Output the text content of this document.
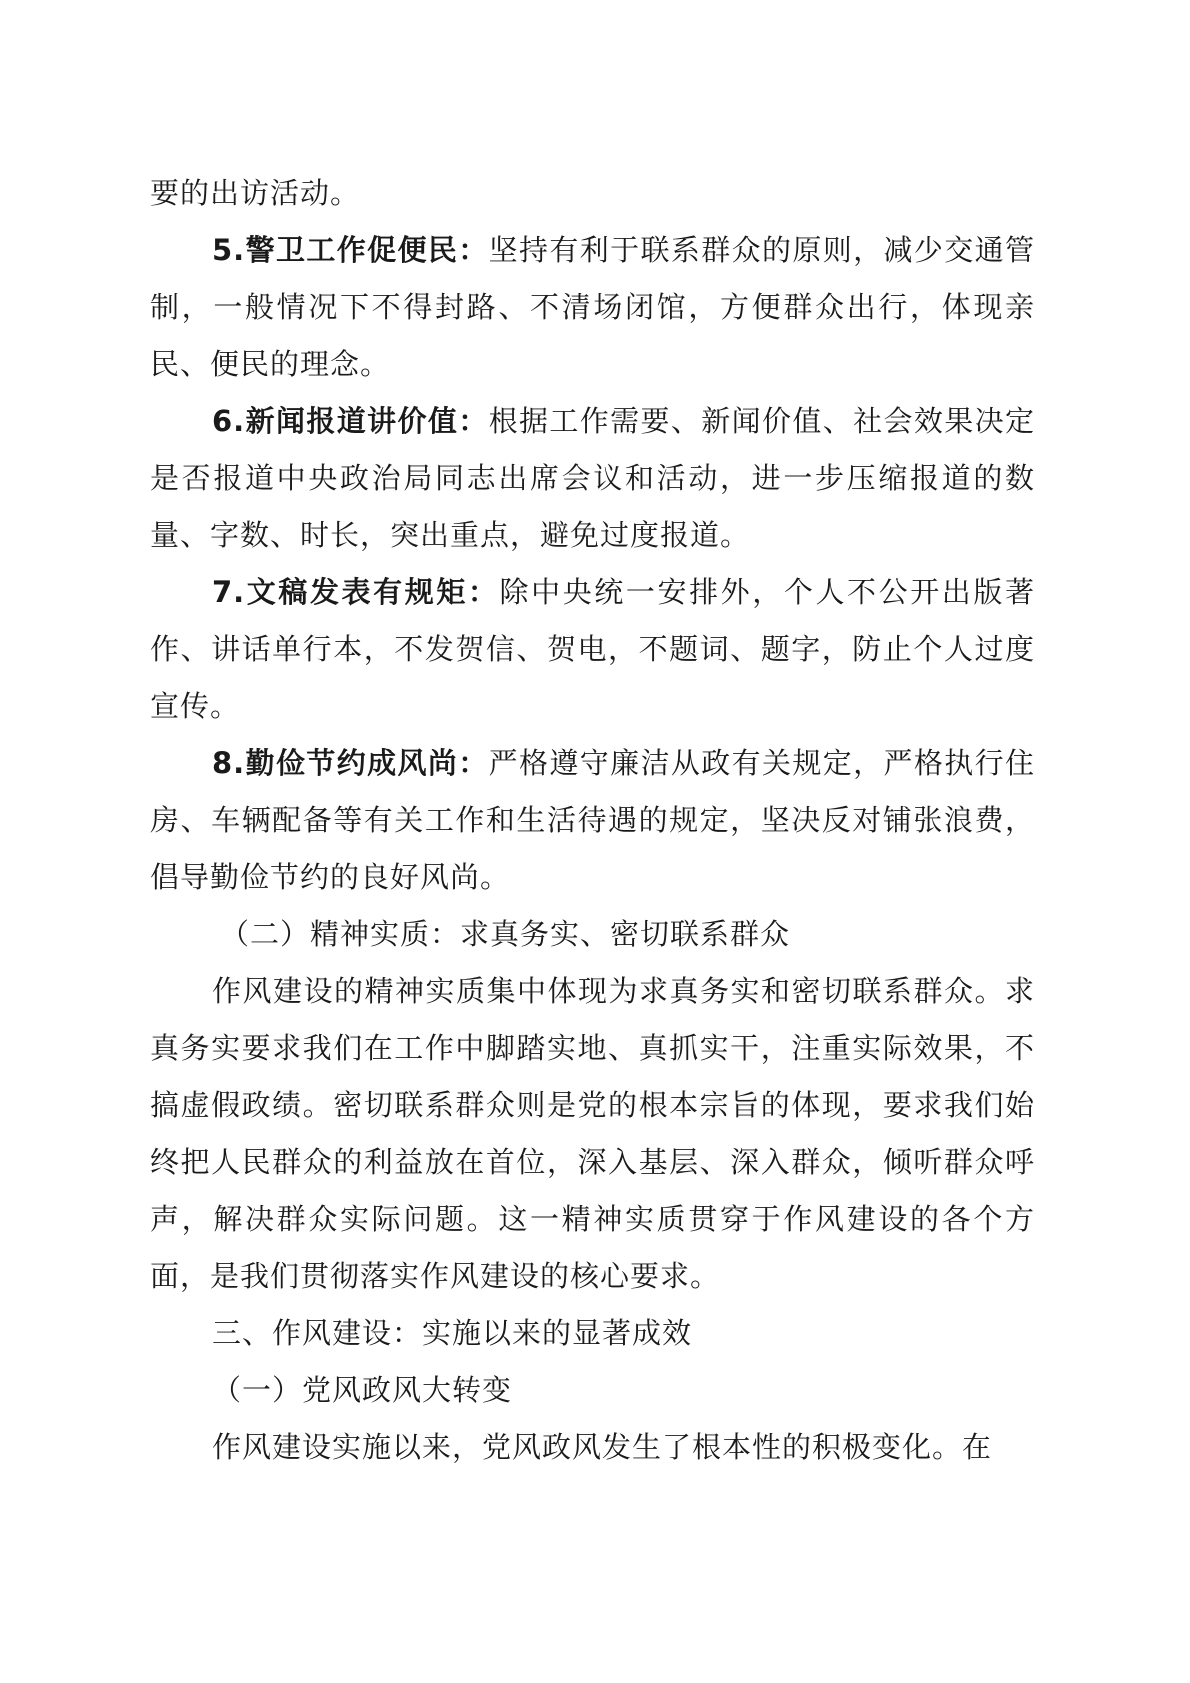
要的出访活动。

5.警卫工作促便民：坚持有利于联系群众的原则，减少交通管制，一般情况下不得封路、不清场闭馆，方便群众出行，体现亲民、便民的理念。

6.新闻报道讲价值：根据工作需要、新闻价值、社会效果决定是否报道中央政治局同志出席会议和活动，进一步压缩报道的数量、字数、时长，突出重点，避免过度报道。

7.文稿发表有规矩：除中央统一安排外，个人不公开出版著作、讲话单行本，不发贺信、贺电，不题词、题字，防止个人过度宣传。

8.勤俭节约成风尚：严格遵守廉洁从政有关规定，严格执行住房、车辆配备等有关工作和生活待遇的规定，坚决反对铺张浪费，倡导勤俭节约的良好风尚。

（二）精神实质：求真务实、密切联系群众

作风建设的精神实质集中体现为求真务实和密切联系群众。求真务实要求我们在工作中脚踏实地、真抓实干，注重实际效果，不搞虚假政绩。密切联系群众则是党的根本宗旨的体现，要求我们始终把人民群众的利益放在首位，深入基层、深入群众，倾听群众呼声，解决群众实际问题。这一精神实质贯穿于作风建设的各个方面，是我们贯彻落实作风建设的核心要求。

三、作风建设：实施以来的显著成效

（一）党风政风大转变

作风建设实施以来，党风政风发生了根本性的积极变化。在
